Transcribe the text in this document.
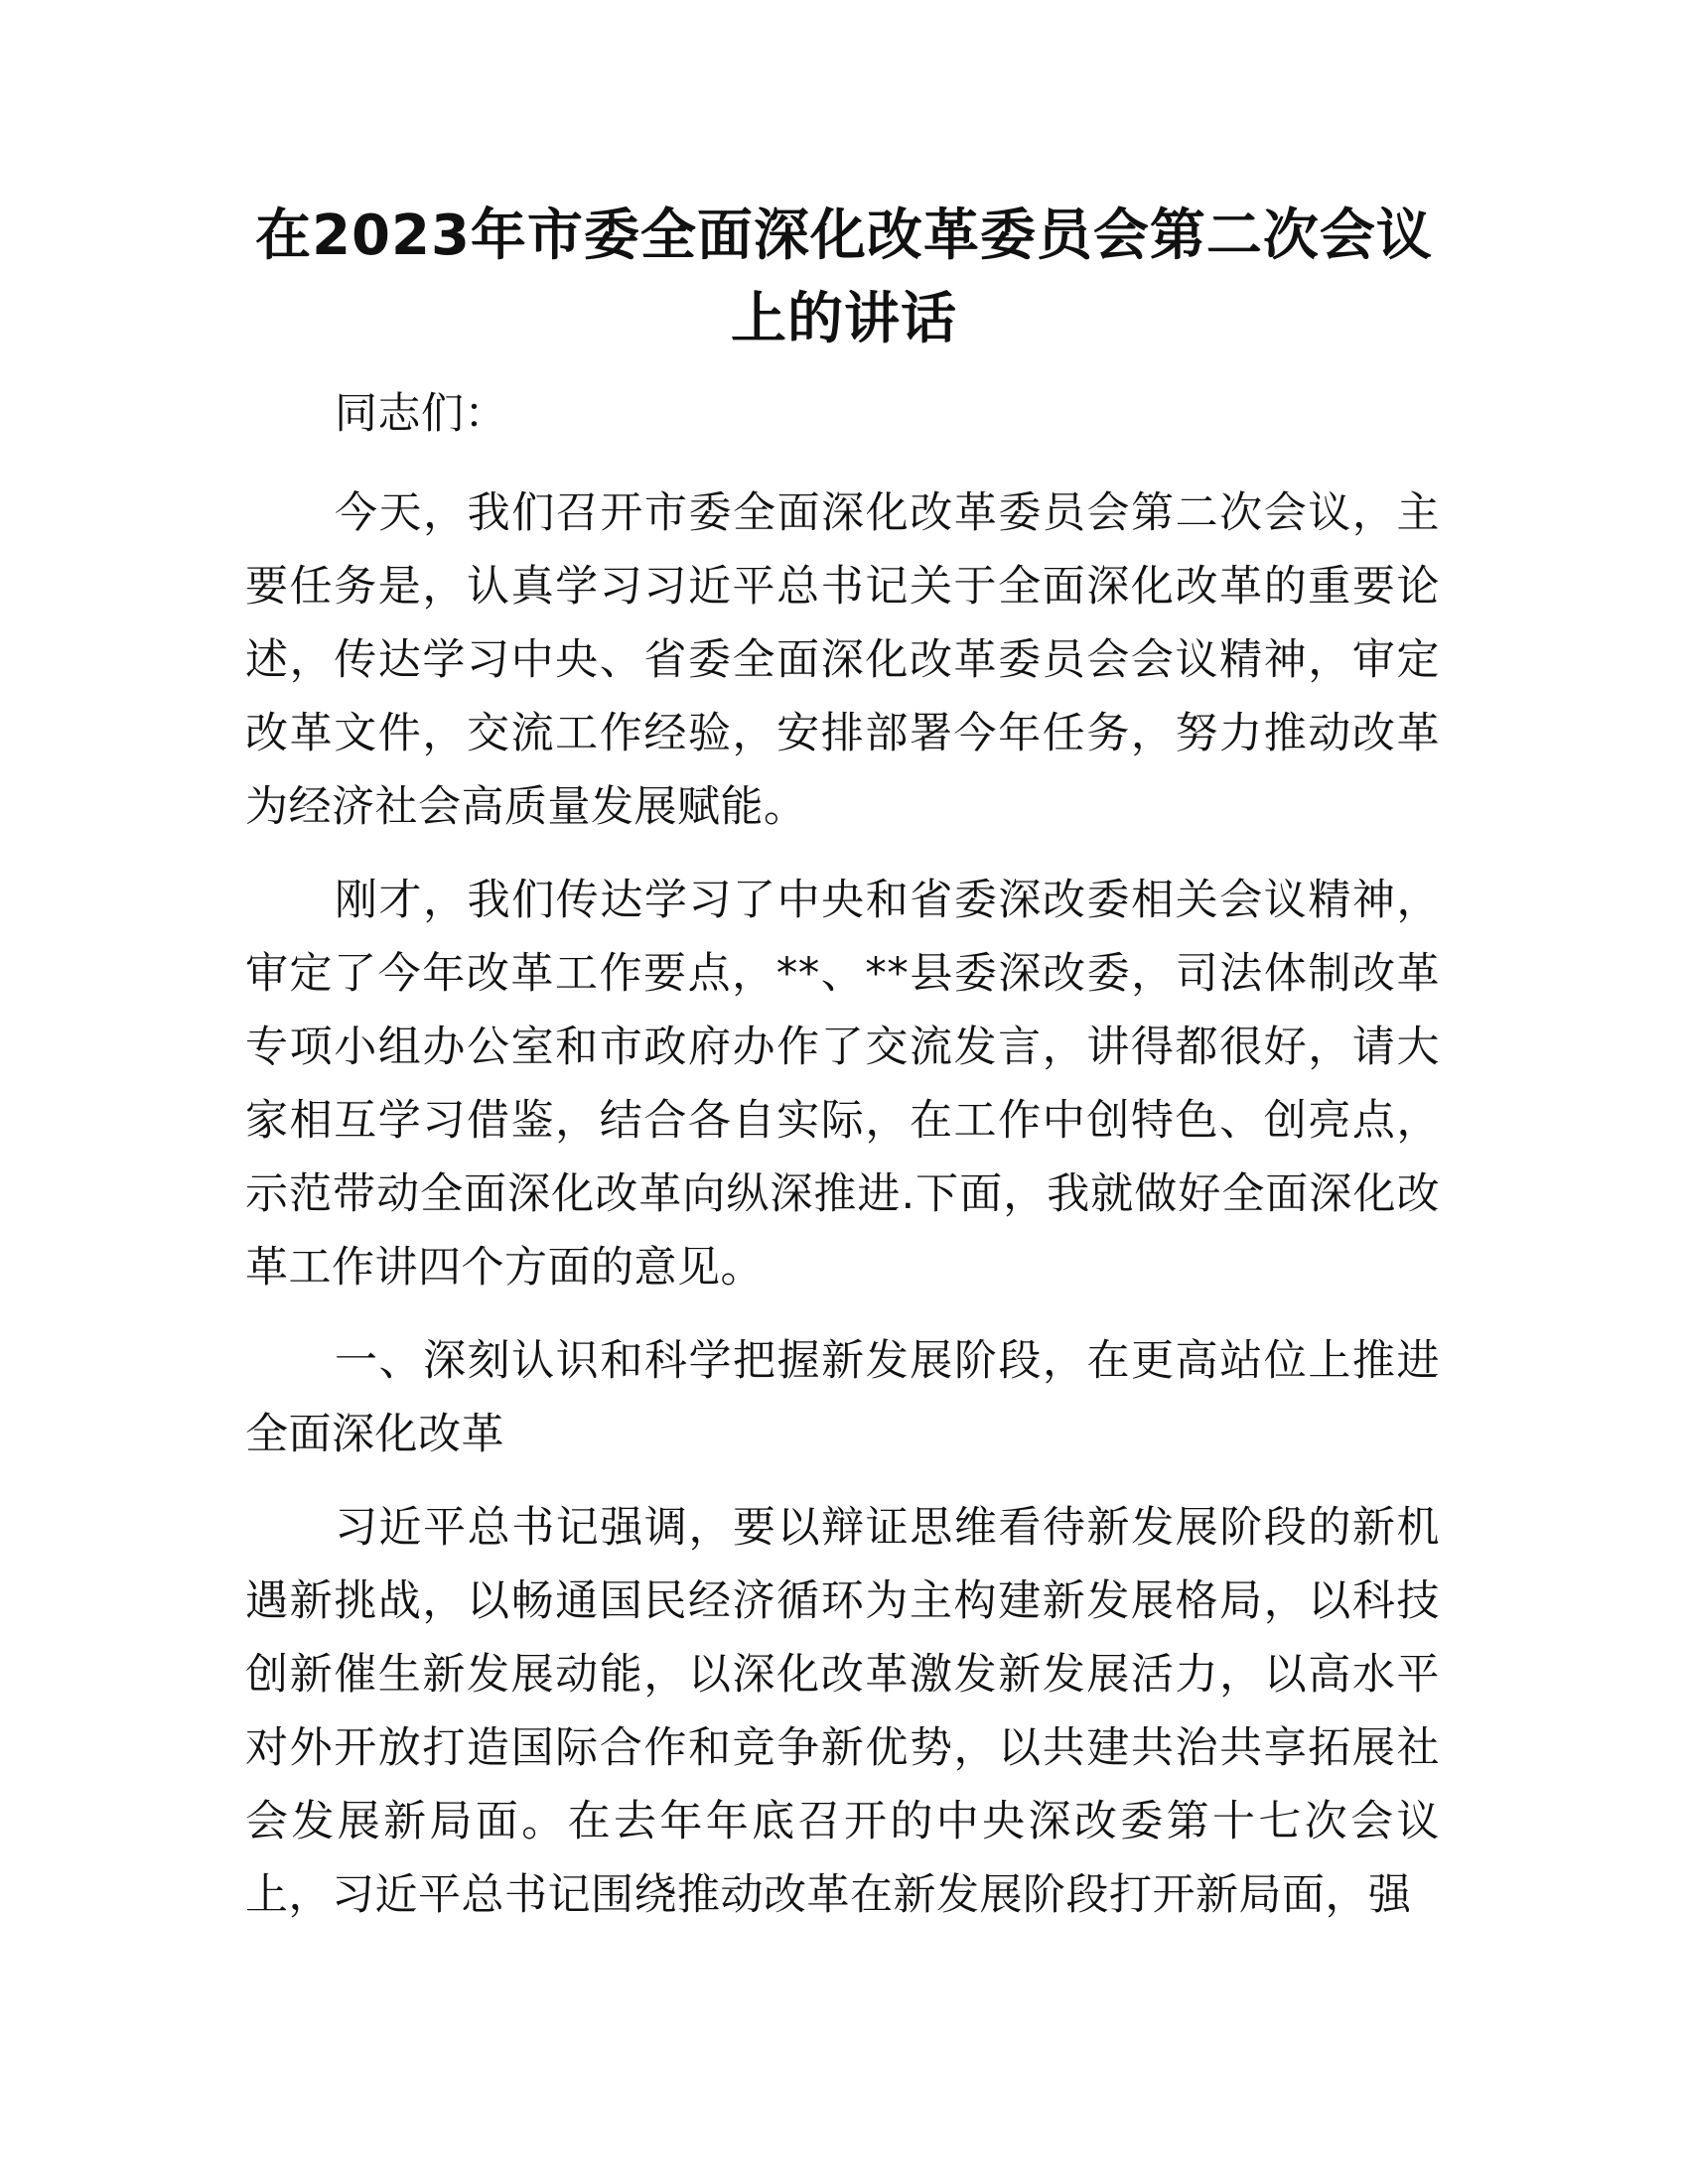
在2023年市委全面深化改革委员会第二次会议上的讲话

同志们：

今天，我们召开市委全面深化改革委员会第二次会议，主要任务是，认真学习习近平总书记关于全面深化改革的重要论述，传达学习中央、省委全面深化改革委员会会议精神，审定改革文件，交流工作经验，安排部署今年任务，努力推动改革为经济社会高质量发展赋能。

刚才，我们传达学习了中央和省委深改委相关会议精神，审定了今年改革工作要点，**、**县委深改委，司法体制改革专项小组办公室和市政府办作了交流发言，讲得都很好，请大家相互学习借鉴，结合各自实际，在工作中创特色、创亮点，示范带动全面深化改革向纵深推进.下面，我就做好全面深化改革工作讲四个方面的意见。

一、深刻认识和科学把握新发展阶段，在更高站位上推进全面深化改革

习近平总书记强调，要以辩证思维看待新发展阶段的新机遇新挑战，以畅通国民经济循环为主构建新发展格局，以科技创新催生新发展动能，以深化改革激发新发展活力，以高水平对外开放打造国际合作和竞争新优势，以共建共治共享拓展社会发展新局面。在去年年底召开的中央深改委第十七次会议上，习近平总书记围绕推动改革在新发展阶段打开新局面，强
